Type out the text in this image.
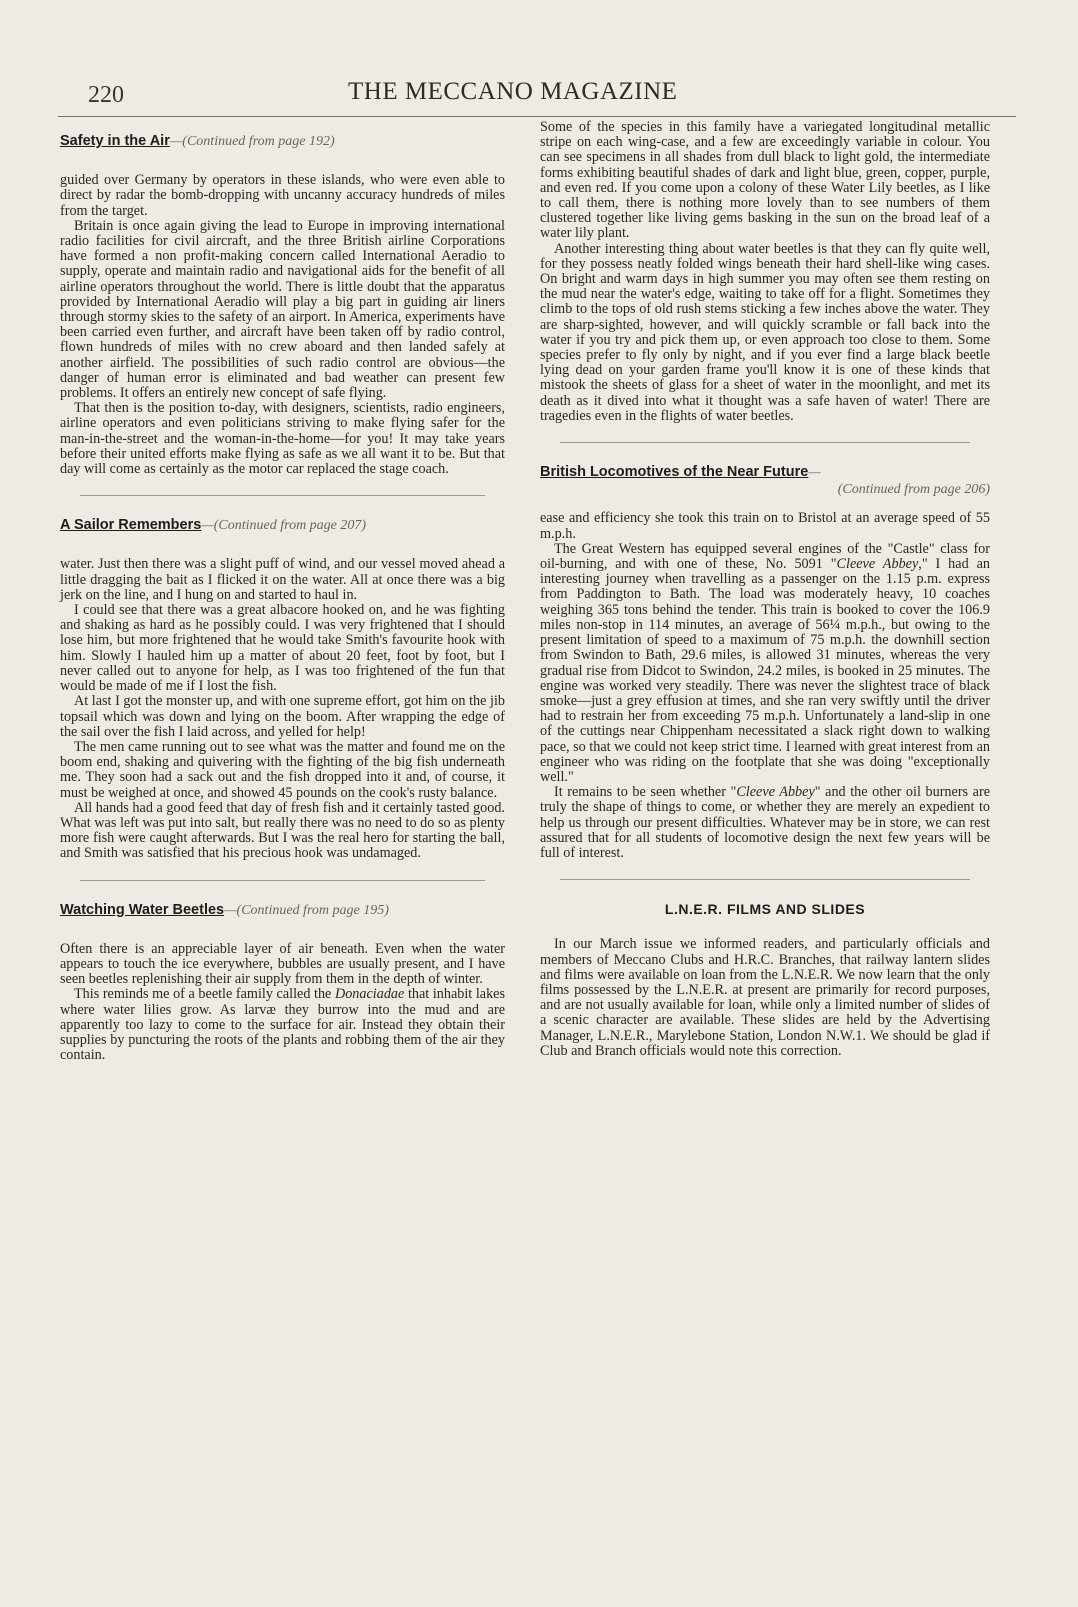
220	THE MECCANO MAGAZINE
Safety in the Air—(Continued from page 192)

guided over Germany by operators in these islands, who were even able to direct by radar the bomb-dropping with uncanny accuracy hundreds of miles from the target.

Britain is once again giving the lead to Europe in improving international radio facilities for civil aircraft, and the three British airline Corporations have formed a non profit-making concern called International Aeradio to supply, operate and maintain radio and navigational aids for the benefit of all airline operators throughout the world. There is little doubt that the apparatus provided by International Aeradio will play a big part in guiding air liners through stormy skies to the safety of an airport. In America, experiments have been carried even further, and aircraft have been taken off by radio control, flown hundreds of miles with no crew aboard and then landed safely at another airfield. The possibilities of such radio control are obvious—the danger of human error is eliminated and bad weather can present few problems. It offers an entirely new concept of safe flying.

That then is the position to-day, with designers, scientists, radio engineers, airline operators and even politicians striving to make flying safer for the man-in-the-street and the woman-in-the-home—for you! It may take years before their united efforts make flying as safe as we all want it to be. But that day will come as certainly as the motor car replaced the stage coach.

A Sailor Remembers—(Continued from page 207)

water. Just then there was a slight puff of wind, and our vessel moved ahead a little dragging the bait as I flicked it on the water. All at once there was a big jerk on the line, and I hung on and started to haul in.

I could see that there was a great albacore hooked on, and he was fighting and shaking as hard as he possibly could. I was very frightened that I should lose him, but more frightened that he would take Smith's favourite hook with him. Slowly I hauled him up a matter of about 20 feet, foot by foot, but I never called out to anyone for help, as I was too frightened of the fun that would be made of me if I lost the fish.

At last I got the monster up, and with one supreme effort, got him on the jib topsail which was down and lying on the boom. After wrapping the edge of the sail over the fish I laid across, and yelled for help!

The men came running out to see what was the matter and found me on the boom end, shaking and quivering with the fighting of the big fish underneath me. They soon had a sack out and the fish dropped into it and, of course, it must be weighed at once, and showed 45 pounds on the cook's rusty balance.

All hands had a good feed that day of fresh fish and it certainly tasted good. What was left was put into salt, but really there was no need to do so as plenty more fish were caught afterwards. But I was the real hero for starting the ball, and Smith was satisfied that his precious hook was undamaged.

Watching Water Beetles—(Continued from page 195)

Often there is an appreciable layer of air beneath. Even when the water appears to touch the ice everywhere, bubbles are usually present, and I have seen beetles replenishing their air supply from them in the depth of winter.

This reminds me of a beetle family called the Donaciadae that inhabit lakes where water lilies grow. As larvæ they burrow into the mud and are apparently too lazy to come to the surface for air. Instead they obtain their supplies by puncturing the roots of the plants and robbing them of the air they contain.

Some of the species in this family have a variegated longitudinal metallic stripe on each wing-case, and a few are exceedingly variable in colour. You can see specimens in all shades from dull black to light gold, the intermediate forms exhibiting beautiful shades of dark and light blue, green, copper, purple, and even red. If you come upon a colony of these Water Lily beetles, as I like to call them, there is nothing more lovely than to see numbers of them clustered together like living gems basking in the sun on the broad leaf of a water lily plant.

Another interesting thing about water beetles is that they can fly quite well, for they possess neatly folded wings beneath their hard shell-like wing cases. On bright and warm days in high summer you may often see them resting on the mud near the water's edge, waiting to take off for a flight. Sometimes they climb to the tops of old rush stems sticking a few inches above the water. They are sharp-sighted, however, and will quickly scramble or fall back into the water if you try and pick them up, or even approach too close to them. Some species prefer to fly only by night, and if you ever find a large black beetle lying dead on your garden frame you'll know it is one of these kinds that mistook the sheets of glass for a sheet of water in the moonlight, and met its death as it dived into what it thought was a safe haven of water! There are tragedies even in the flights of water beetles.

British Locomotives of the Near Future—
(Continued from page 206)

ease and efficiency she took this train on to Bristol at an average speed of 55 m.p.h.

The Great Western has equipped several engines of the "Castle" class for oil-burning, and with one of these, No. 5091 "Cleeve Abbey," I had an interesting journey when travelling as a passenger on the 1.15 p.m. express from Paddington to Bath. The load was moderately heavy, 10 coaches weighing 365 tons behind the tender. This train is booked to cover the 106.9 miles non-stop in 114 minutes, an average of 56¼ m.p.h., but owing to the present limitation of speed to a maximum of 75 m.p.h. the downhill section from Swindon to Bath, 29.6 miles, is allowed 31 minutes, whereas the very gradual rise from Didcot to Swindon, 24.2 miles, is booked in 25 minutes. The engine was worked very steadily. There was never the slightest trace of black smoke—just a grey effusion at times, and she ran very swiftly until the driver had to restrain her from exceeding 75 m.p.h. Unfortunately a land-slip in one of the cuttings near Chippenham necessitated a slack right down to walking pace, so that we could not keep strict time. I learned with great interest from an engineer who was riding on the footplate that she was doing "exceptionally well."

It remains to be seen whether "Cleeve Abbey" and the other oil burners are truly the shape of things to come, or whether they are merely an expedient to help us through our present difficulties. Whatever may be in store, we can rest assured that for all students of locomotive design the next few years will be full of interest.

L.N.E.R. FILMS AND SLIDES

In our March issue we informed readers, and particularly officials and members of Meccano Clubs and H.R.C. Branches, that railway lantern slides and films were available on loan from the L.N.E.R. We now learn that the only films possessed by the L.N.E.R. at present are primarily for record purposes, and are not usually available for loan, while only a limited number of slides of a scenic character are available. These slides are held by the Advertising Manager, L.N.E.R., Marylebone Station, London N.W.1. We should be glad if Club and Branch officials would note this correction.
